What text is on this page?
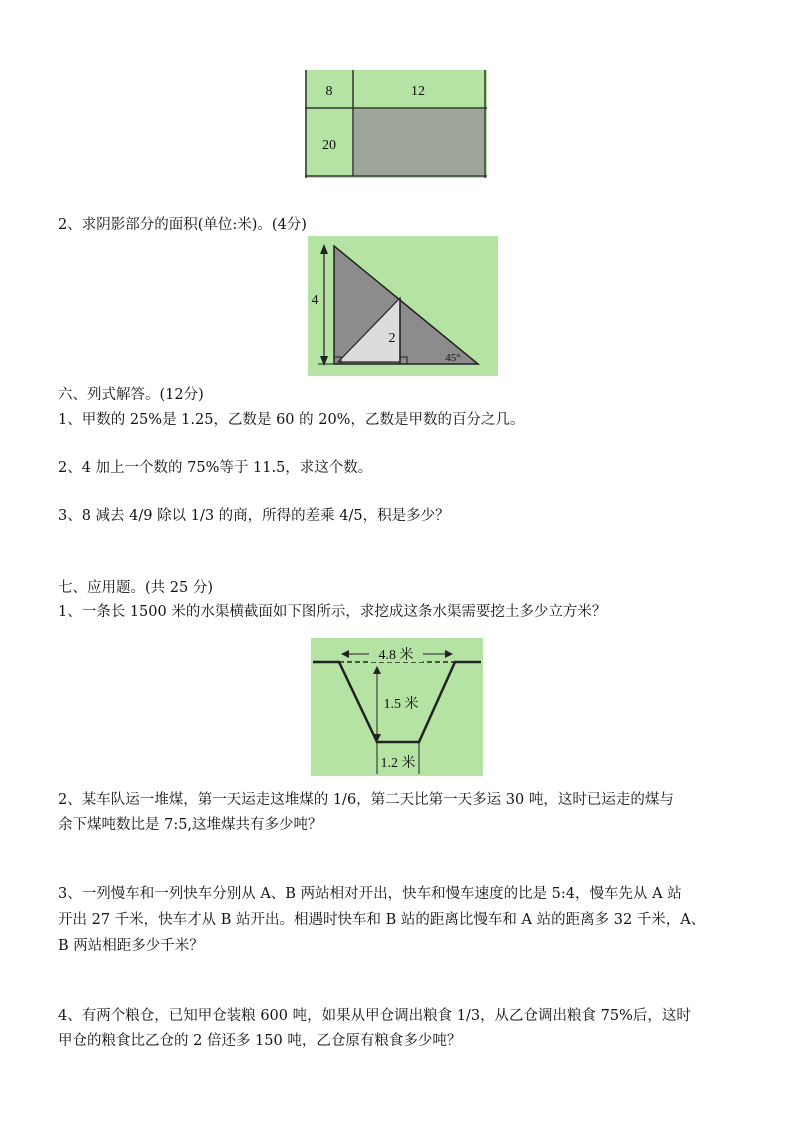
8	12
20
2、求阴影部分的面积(单位:米)。(4分)
4
2
45°
六、列式解答。(12分)
1、甲数的 25%是 1.25，乙数是 60 的 20%，乙数是甲数的百分之几。
2、4 加上一个数的 75%等于 11.5，求这个数。
3、8 减去 4/9 除以 1/3 的商，所得的差乘 4/5，积是多少？
七、应用题。(共 25 分)
1、一条长 1500 米的水渠横截面如下图所示，求挖成这条水渠需要挖土多少立方米？
4.8 米
1.5 米
1.2 米
2、某车队运一堆煤，第一天运走这堆煤的 1/6，第二天比第一天多运 30 吨，这时已运走的煤与
余下煤吨数比是 7:5,这堆煤共有多少吨？
3、一列慢车和一列快车分别从 A、B 两站相对开出，快车和慢车速度的比是 5:4，慢车先从 A 站
开出 27 千米，快车才从 B 站开出。相遇时快车和 B 站的距离比慢车和 A 站的距离多 32 千米，A、
B 两站相距多少千米？
4、有两个粮仓，已知甲仓装粮 600 吨，如果从甲仓调出粮食 1/3，从乙仓调出粮食 75%后，这时
甲仓的粮食比乙仓的 2 倍还多 150 吨，乙仓原有粮食多少吨？
